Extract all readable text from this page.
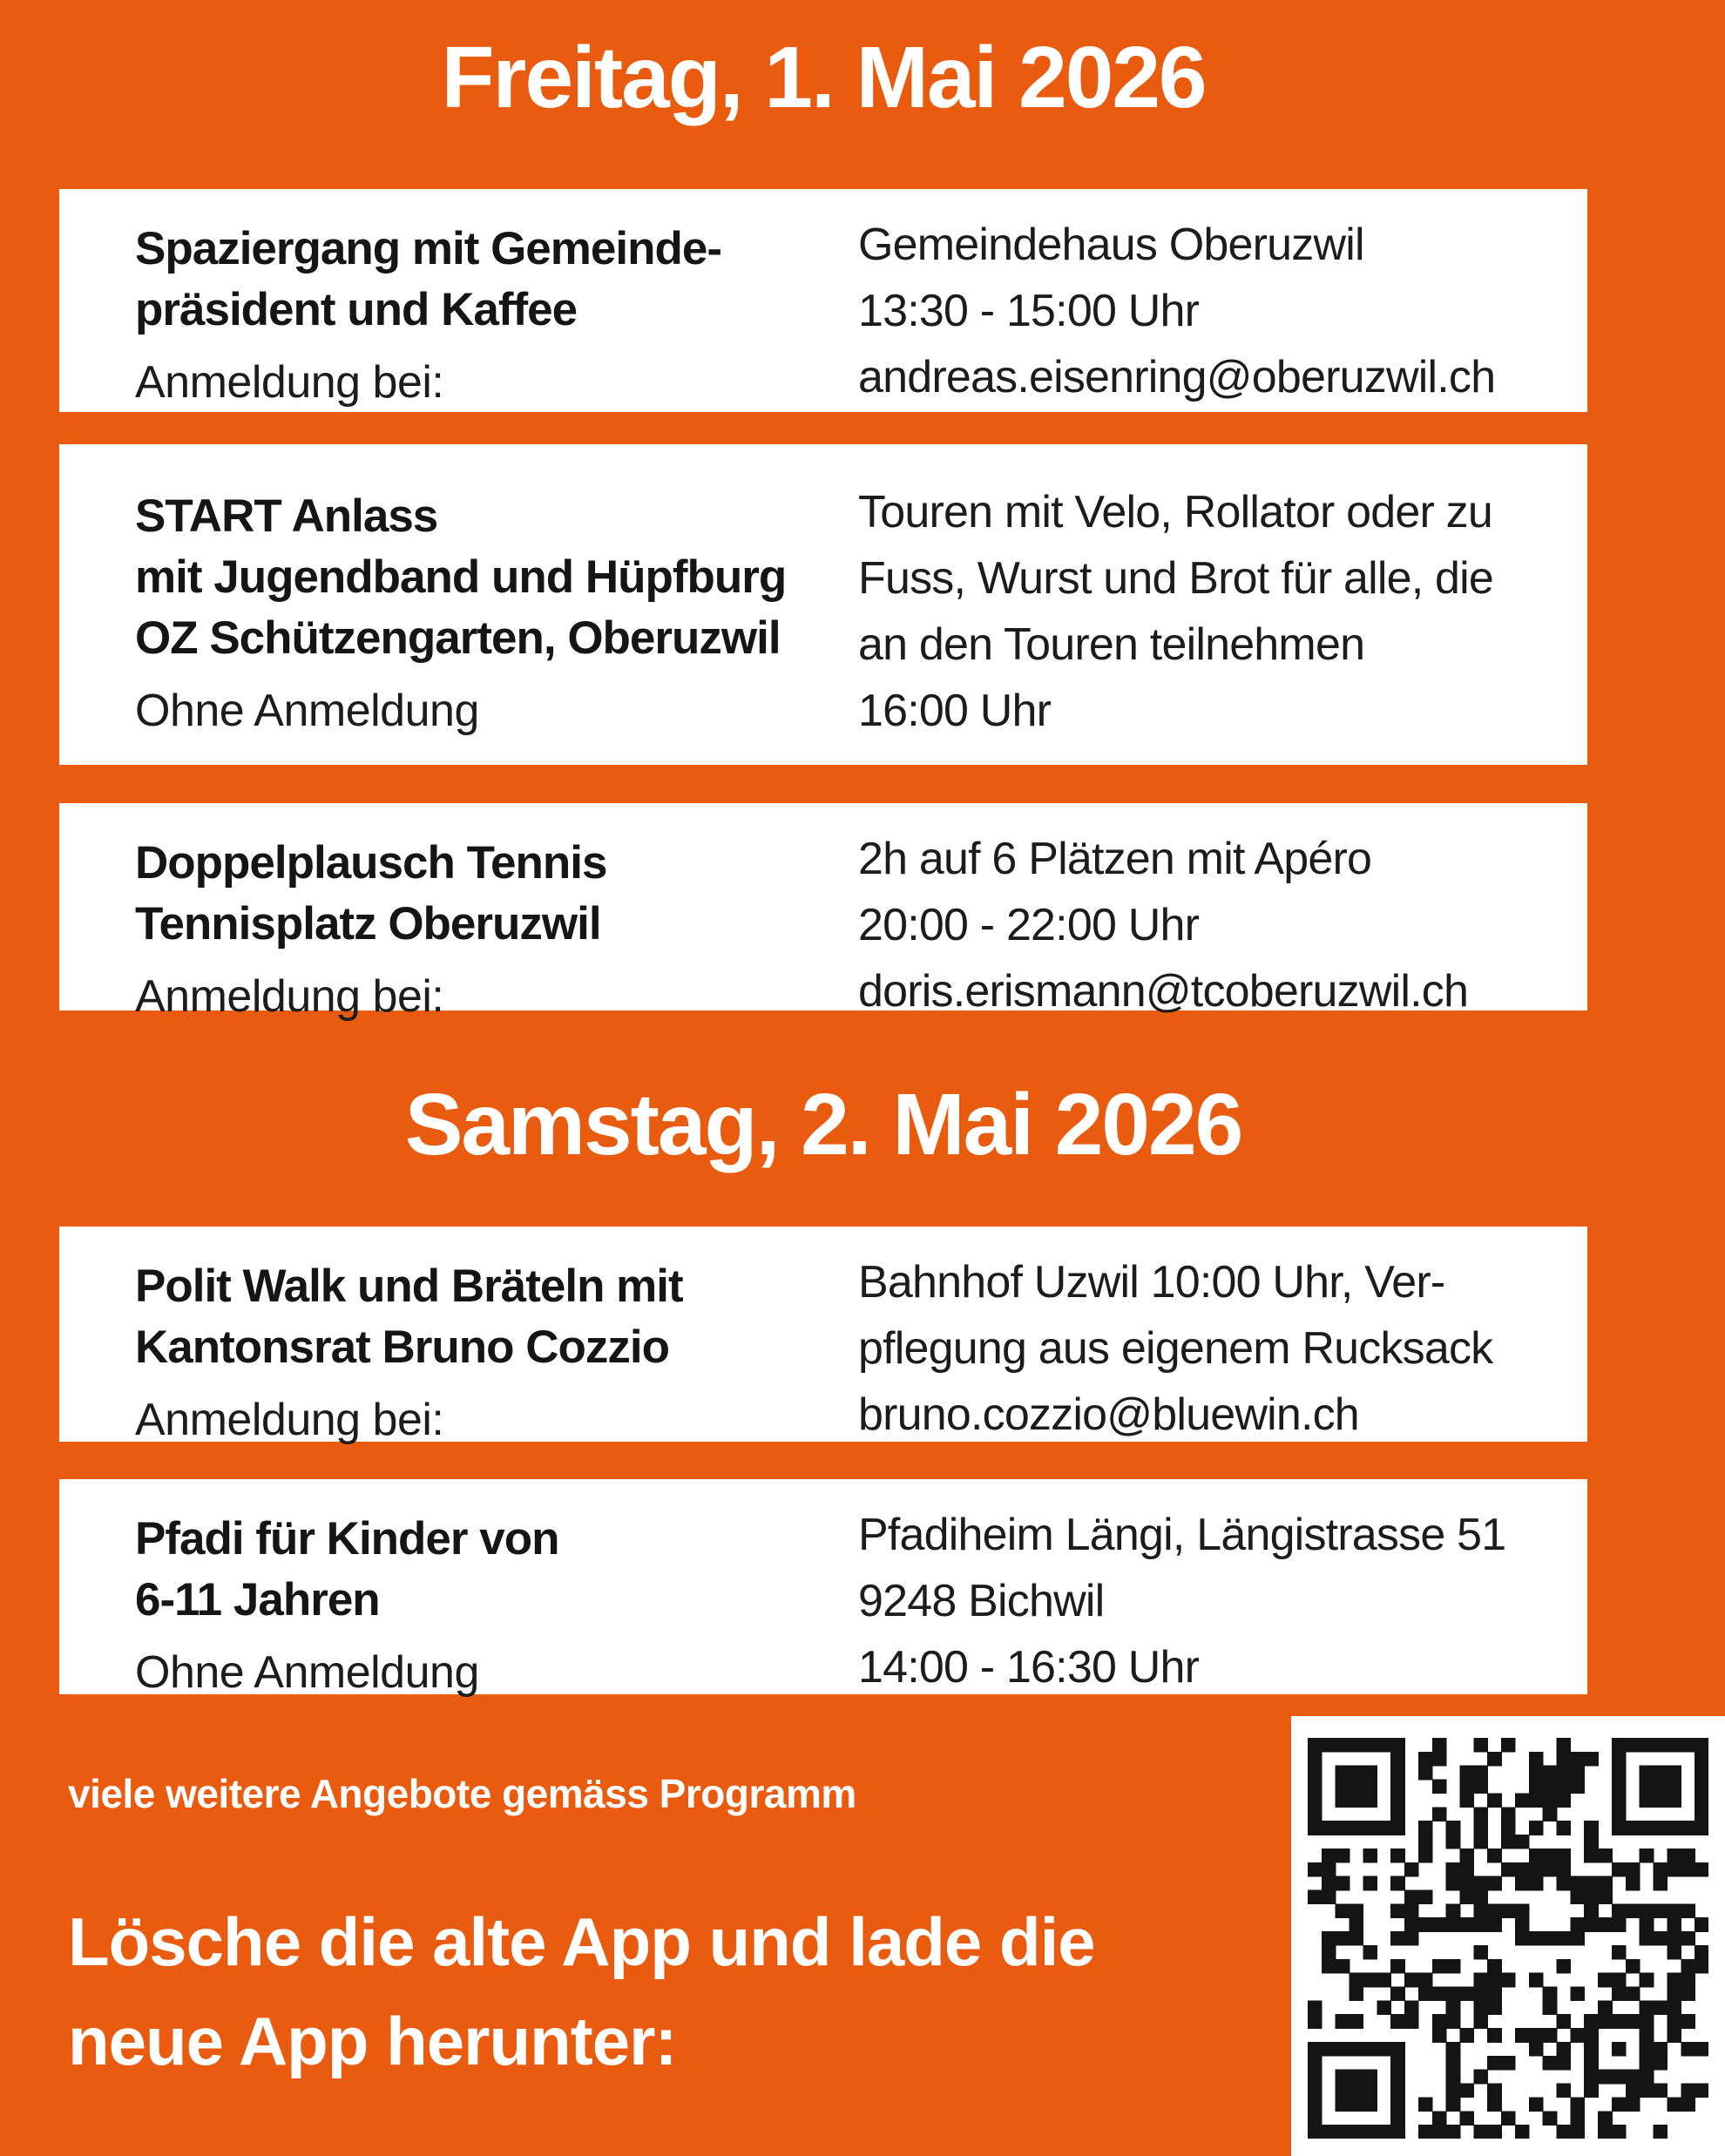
Freitag, 1. Mai 2026
Spaziergang mit Gemeinde-
präsident und Kaffee
Anmeldung bei:
Gemeindehaus Oberuzwil
13:30 - 15:00 Uhr
andreas.eisenring@oberuzwil.ch
START Anlass
mit Jugendband und Hüpfburg
OZ Schützengarten, Oberuzwil
Ohne Anmeldung
Touren mit Velo, Rollator oder zu
Fuss, Wurst und Brot für alle, die
an den Touren teilnehmen
16:00 Uhr
Doppelplausch Tennis
Tennisplatz Oberuzwil
Anmeldung bei:
2h auf 6 Plätzen mit Apéro
20:00 - 22:00 Uhr
doris.erismann@tcoberuzwil.ch
Samstag, 2. Mai 2026
Polit Walk und Bräteln mit
Kantonsrat Bruno Cozzio
Anmeldung bei:
Bahnhof Uzwil 10:00 Uhr, Ver-
pflegung aus eigenem Rucksack
bruno.cozzio@bluewin.ch
Pfadi für Kinder von
6-11 Jahren
Ohne Anmeldung
Pfadiheim Längi, Längistrasse 51
9248 Bichwil
14:00 - 16:30 Uhr
viele weitere Angebote gemäss Programm
Lösche die alte App und lade die
neue App herunter:
